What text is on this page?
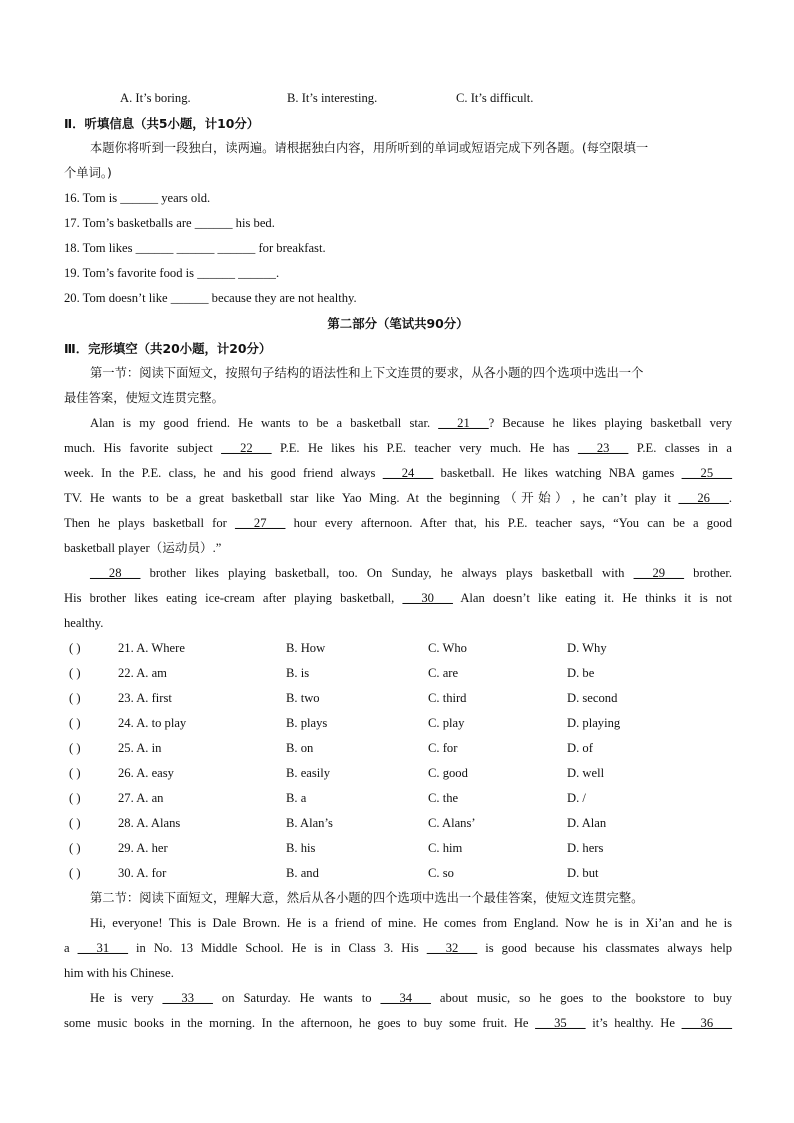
A. It’s boring.	B. It’s interesting.	C. It’s difficult.
Ⅱ．听填信息（共5小题，计10分）
本题你将听到一段独白，读两遍。请根据独白内容，用所听到的单词或短语完成下列各题。(每空限填一
个单词。)
16. Tom is ______ years old.
17. Tom’s basketballs are ______ his bed.
18. Tom likes ______ ______ ______ for breakfast.
19. Tom’s favorite food is ______ ______.
20. Tom doesn’t like ______ because they are not healthy.
第二部分（笔试共90分）
Ⅲ．完形填空（共20小题，计20分）
第一节：阅读下面短文，按照句子结构的语法性和上下文连贯的要求，从各小题的四个选项中选出一个
最佳答案，使短文连贯完整。
Alan is my good friend. He wants to be a basketball star. ___21___? Because he likes playing basketball very
much. His favorite subject ___22___ P.E. He likes his P.E. teacher very much. He has ___23___ P.E. classes in a
week. In the P.E. class, he and his good friend always ___24___ basketball. He likes watching NBA games ___25___
TV. He wants to be a great basketball star like Yao Ming. At the beginning（开始）, he can’t play it ___26___.
Then he plays basketball for ___27___ hour every afternoon. After that, his P.E. teacher says, “You can be a good
basketball player（运动员）.”
___28___ brother likes playing basketball, too. On Sunday, he always plays basketball with ___29___ brother.
His brother likes eating ice-cream after playing basketball, ___30___ Alan doesn’t like eating it. He thinks it is not
healthy.
( )	21. A. Where	B. How	C. Who	D. Why
( )	22. A. am	B. is	C. are	D. be
( )	23. A. first	B. two	C. third	D. second
( )	24. A. to play	B. plays	C. play	D. playing
( )	25. A. in	B. on	C. for	D. of
( )	26. A. easy	B. easily	C. good	D. well
( )	27. A. an	B. a	C. the	D. /
( )	28. A. Alans	B. Alan’s	C. Alans’	D. Alan
( )	29. A. her	B. his	C. him	D. hers
( )	30. A. for	B. and	C. so	D. but
第二节：阅读下面短文，理解大意，然后从各小题的四个选项中选出一个最佳答案，使短文连贯完整。
Hi, everyone! This is Dale Brown. He is a friend of mine. He comes from England. Now he is in Xi’an and he is
a ___31___ in No. 13 Middle School. He is in Class 3. His ___32___ is good because his classmates always help
him with his Chinese.
He is very ___33___ on Saturday. He wants to ___34___ about music, so he goes to the bookstore to buy
some music books in the morning. In the afternoon, he goes to buy some fruit. He ___35___ it’s healthy. He ___36___
